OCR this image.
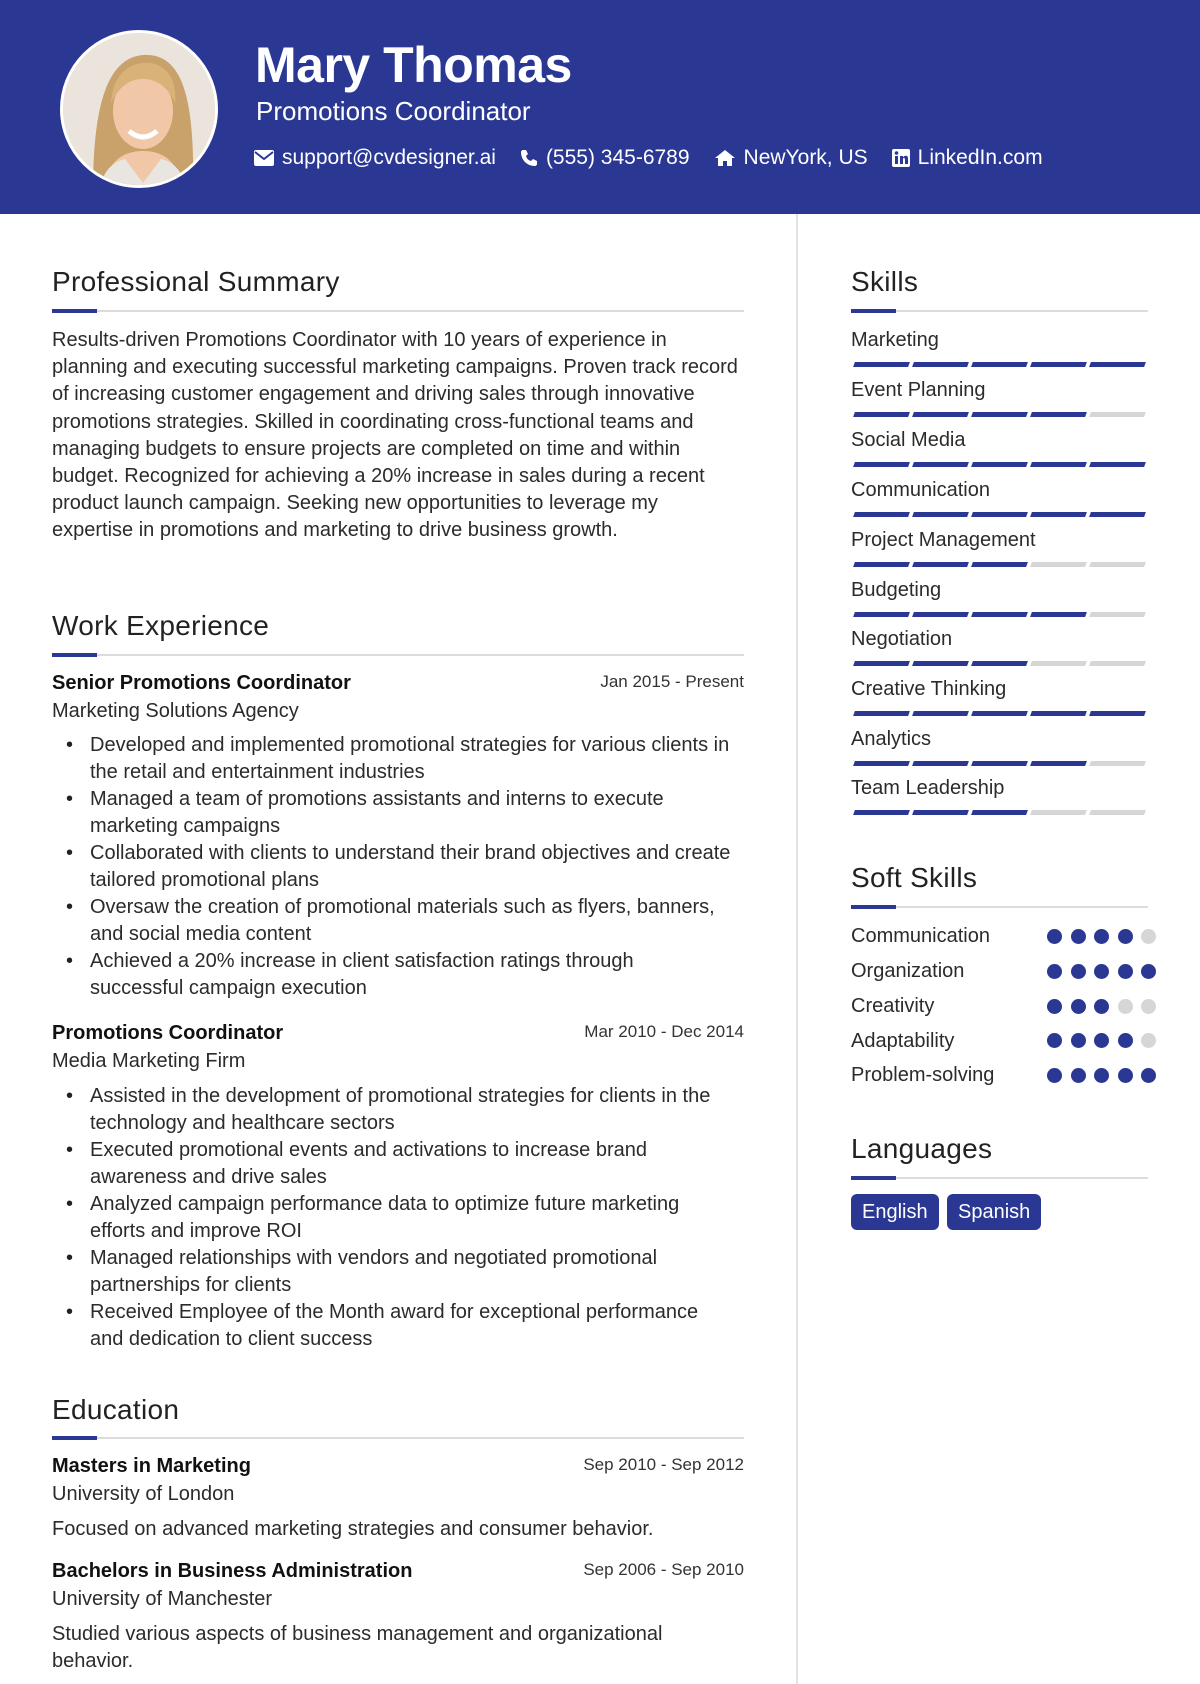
Mary Thomas
Promotions Coordinator
support@cvdesigner.ai (555) 345-6789	NewYork, US LinkedIn.com
Professional Summary
Results-driven Promotions Coordinator with 10 years of experience in planning and executing successful marketing campaigns. Proven track record of increasing customer engagement and driving sales through innovative promotions strategies. Skilled in coordinating cross-functional teams and managing budgets to ensure projects are completed on time and within budget. Recognized for achieving a 20% increase in sales during a recent product launch campaign. Seeking new opportunities to leverage my expertise in promotions and marketing to drive business growth.
Work Experience
Senior Promotions Coordinator	Jan 2015 - Present
Marketing Solutions Agency
• Developed and implemented promotional strategies for various clients in the retail and entertainment industries
• Managed a team of promotions assistants and interns to execute marketing campaigns
• Collaborated with clients to understand their brand objectives and create tailored promotional plans
• Oversaw the creation of promotional materials such as flyers, banners, and social media content
• Achieved a 20% increase in client satisfaction ratings through successful campaign execution
Promotions Coordinator	Mar 2010 - Dec 2014
Media Marketing Firm
• Assisted in the development of promotional strategies for clients in the technology and healthcare sectors
• Executed promotional events and activations to increase brand awareness and drive sales
• Analyzed campaign performance data to optimize future marketing efforts and improve ROI
• Managed relationships with vendors and negotiated promotional partnerships for clients
• Received Employee of the Month award for exceptional performance and dedication to client success
Education
Masters in Marketing	Sep 2010 - Sep 2012
University of London
Focused on advanced marketing strategies and consumer behavior.
Bachelors in Business Administration	Sep 2006 - Sep 2010
University of Manchester
Studied various aspects of business management and organizational behavior.
Skills
Marketing
Event Planning
Social Media
Communication
Project Management
Budgeting
Negotiation
Creative Thinking
Analytics
Team Leadership
Soft Skills
Communication
Organization
Creativity
Adaptability
Problem-solving
Languages
English	Spanish
